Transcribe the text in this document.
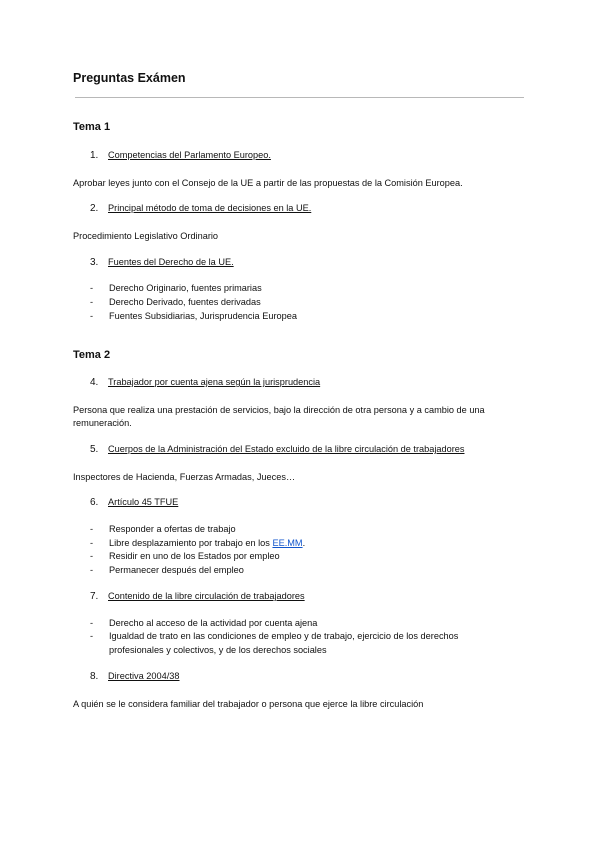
Preguntas Exámen
Tema 1
1. Competencias del Parlamento Europeo.
Aprobar leyes junto con el Consejo de la UE a partir de las propuestas de la Comisión Europea.
2. Principal método de toma de decisiones en la UE.
Procedimiento Legislativo Ordinario
3. Fuentes del Derecho de la UE.
- Derecho Originario, fuentes primarias
- Derecho Derivado, fuentes derivadas
- Fuentes Subsidiarias, Jurisprudencia Europea
Tema 2
4. Trabajador por cuenta ajena según la jurisprudencia
Persona que realiza una prestación de servicios, bajo la dirección de otra persona y a cambio de una
remuneración.
5. Cuerpos de la Administración del Estado excluido de la libre circulación de trabajadores
Inspectores de Hacienda, Fuerzas Armadas, Jueces…
6. Artículo 45 TFUE
- Responder a ofertas de trabajo
- Libre desplazamiento por trabajo en los EE.MM.
- Residir en uno de los Estados por empleo
- Permanecer después del empleo
7. Contenido de la libre circulación de trabajadores
- Derecho al acceso de la actividad por cuenta ajena
- Igualdad de trato en las condiciones de empleo y de trabajo, ejercicio de los derechos
profesionales y colectivos, y de los derechos sociales
8. Directiva 2004/38
A quién se le considera familiar del trabajador o persona que ejerce la libre circulación
